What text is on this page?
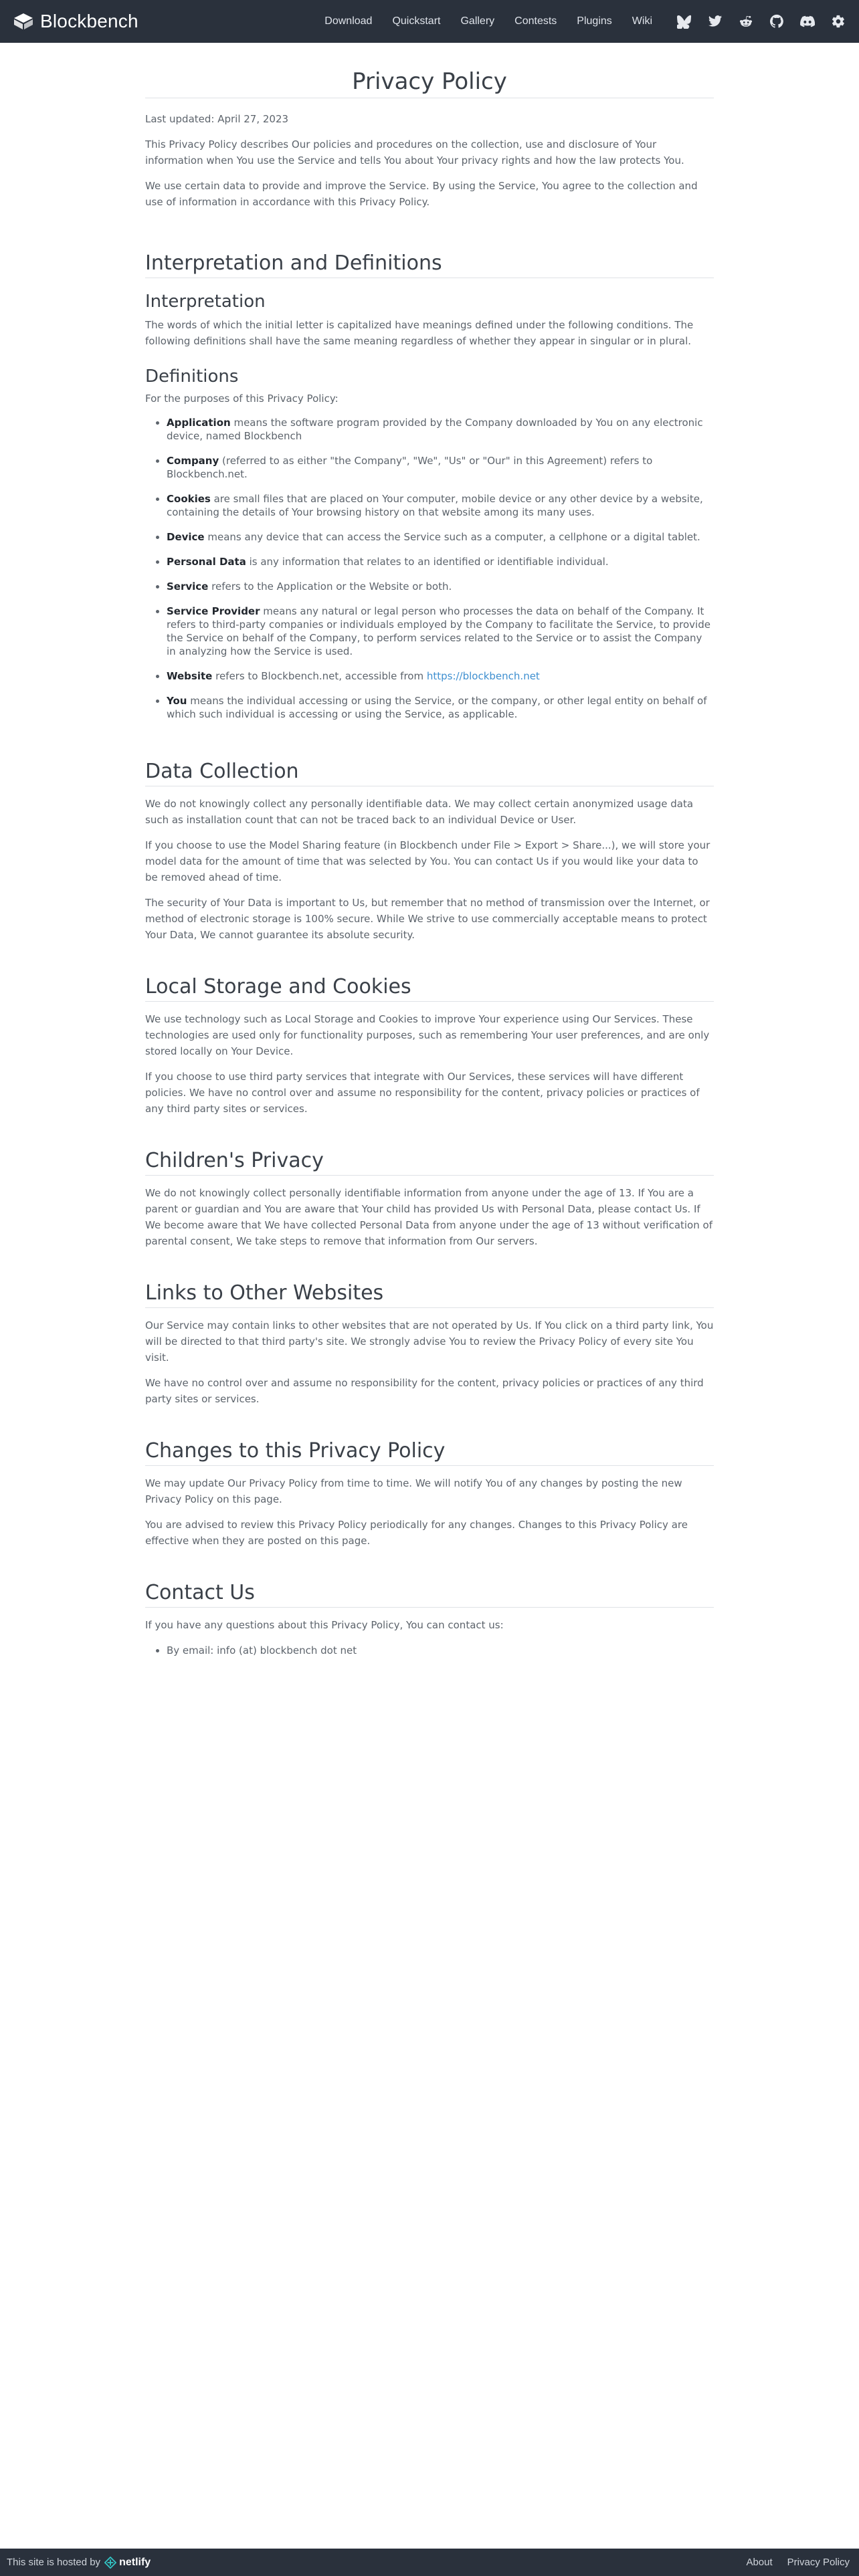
Blockbench	Download	Quickstart	Gallery	Contests	Plugins	Wiki
Privacy Policy

Last updated: April 27, 2023

This Privacy Policy describes Our policies and procedures on the collection, use and disclosure of Your information when You use the Service and tells You about Your privacy rights and how the law protects You.

We use certain data to provide and improve the Service. By using the Service, You agree to the collection and use of information in accordance with this Privacy Policy.

Interpretation and Definitions
Interpretation

The words of which the initial letter is capitalized have meanings defined under the following conditions. The following definitions shall have the same meaning regardless of whether they appear in singular or in plural.

Definitions

For the purposes of this Privacy Policy:

• Application means the software program provided by the Company downloaded by You on any electronic device, named Blockbench
• Company (referred to as either "the Company", "We", "Us" or "Our" in this Agreement) refers to Blockbench.net.
• Cookies are small files that are placed on Your computer, mobile device or any other device by a website, containing the details of Your browsing history on that website among its many uses.
• Device means any device that can access the Service such as a computer, a cellphone or a digital tablet.
• Personal Data is any information that relates to an identified or identifiable individual.
• Service refers to the Application or the Website or both.
• Service Provider means any natural or legal person who processes the data on behalf of the Company. It refers to third-party companies or individuals employed by the Company to facilitate the Service, to provide the Service on behalf of the Company, to perform services related to the Service or to assist the Company in analyzing how the Service is used.
• Website refers to Blockbench.net, accessible from https://blockbench.net
• You means the individual accessing or using the Service, or the company, or other legal entity on behalf of which such individual is accessing or using the Service, as applicable.
Data Collection

We do not knowingly collect any personally identifiable data. We may collect certain anonymized usage data such as installation count that can not be traced back to an individual Device or User.

If you choose to use the Model Sharing feature (in Blockbench under File > Export > Share...), we will store your model data for the amount of time that was selected by You. You can contact Us if you would like your data to be removed ahead of time.

The security of Your Data is important to Us, but remember that no method of transmission over the Internet, or method of electronic storage is 100% secure. While We strive to use commercially acceptable means to protect Your Data, We cannot guarantee its absolute security.

Local Storage and Cookies

We use technology such as Local Storage and Cookies to improve Your experience using Our Services. These technologies are used only for functionality purposes, such as remembering Your user preferences, and are only stored locally on Your Device.

If you choose to use third party services that integrate with Our Services, these services will have different policies. We have no control over and assume no responsibility for the content, privacy policies or practices of any third party sites or services.

Children's Privacy

We do not knowingly collect personally identifiable information from anyone under the age of 13. If You are a parent or guardian and You are aware that Your child has provided Us with Personal Data, please contact Us. If We become aware that We have collected Personal Data from anyone under the age of 13 without verification of parental consent, We take steps to remove that information from Our servers.

Links to Other Websites

Our Service may contain links to other websites that are not operated by Us. If You click on a third party link, You will be directed to that third party's site. We strongly advise You to review the Privacy Policy of every site You visit.

We have no control over and assume no responsibility for the content, privacy policies or practices of any third party sites or services.

Changes to this Privacy Policy

We may update Our Privacy Policy from time to time. We will notify You of any changes by posting the new Privacy Policy on this page.

You are advised to review this Privacy Policy periodically for any changes. Changes to this Privacy Policy are effective when they are posted on this page.

Contact Us

If you have any questions about this Privacy Policy, You can contact us:

• By email: info (at) blockbench dot net
This site is hosted by netlify	About Privacy Policy
